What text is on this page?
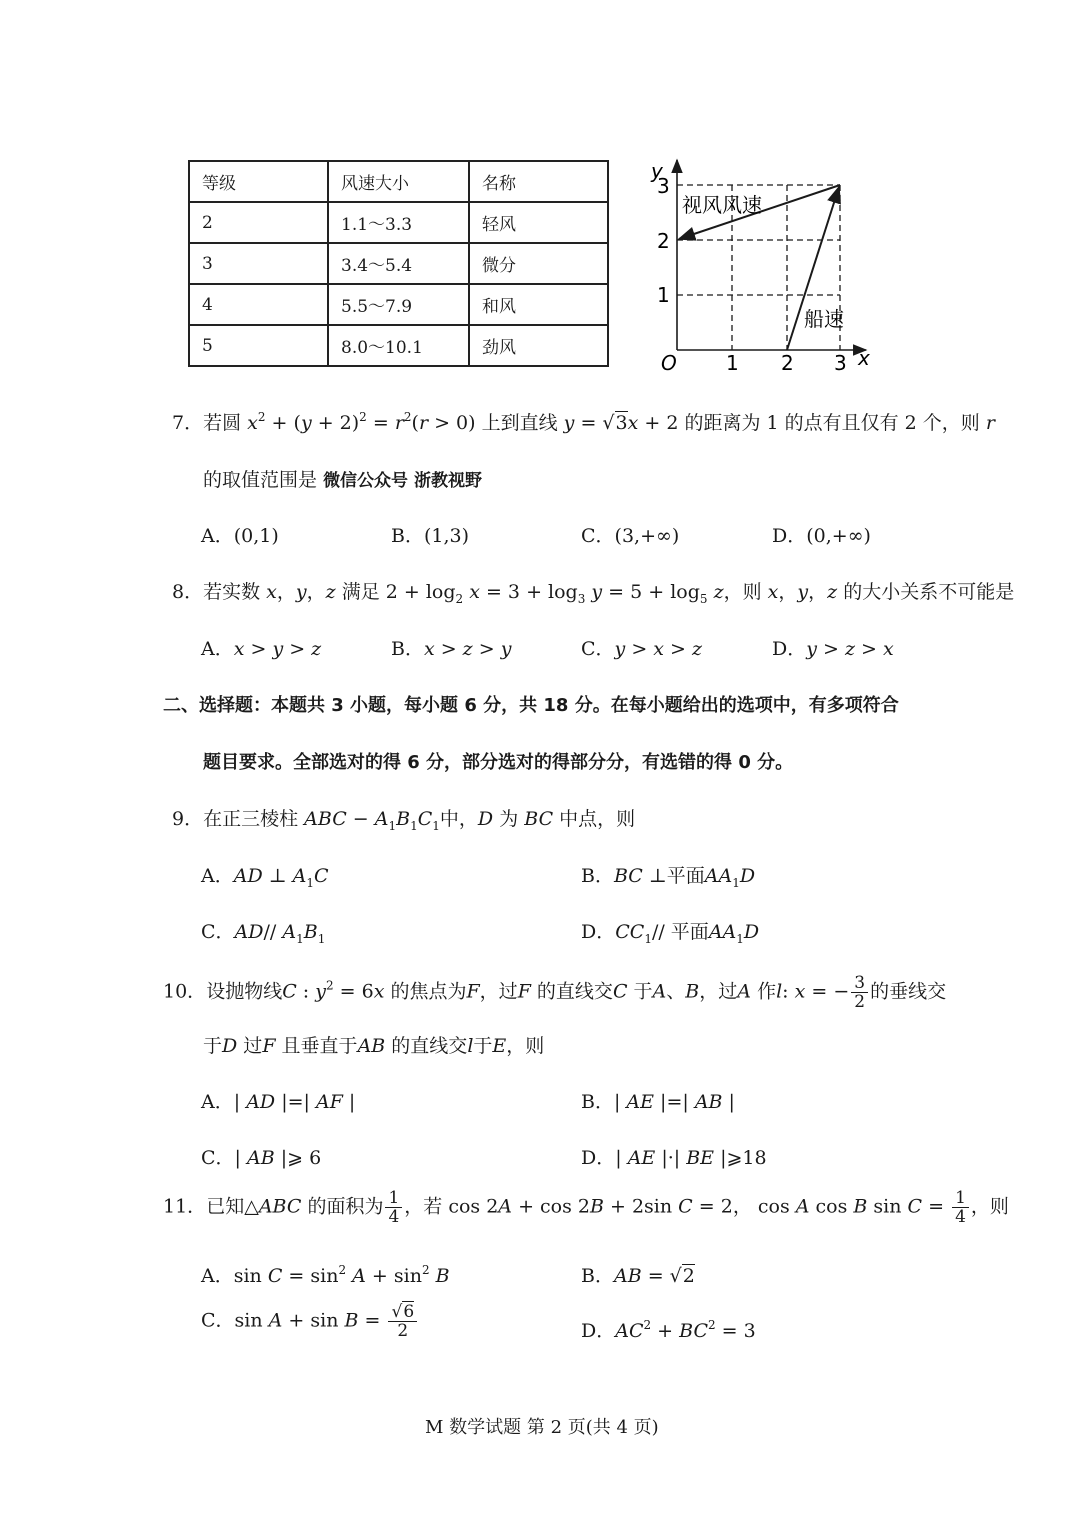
等级	风速大小	名称
2	1.1～3.3	轻风
3	3.4～5.4	微分
4	5.5～7.9	和风
5	8.0～10.1	劲风
y
x
O 1 2 3
1
2
3
视风风速
船速
7．若圆 $x^2 + (y + 2)^2 = r^2(r > 0)$ 上到直线 y = √3x + 2 的距离为 1 的点有且仅有 2 个，则 r
的取值范围是 微信公众号 浙教视野
A．(0,1)	B．(1,3)	C．(3,+∞)	D．(0,+∞)
8．若实数 x，y，z 满足 $2 + \log_2 x = 3 + \log_3 y = 5 + \log_5 z$，则 x，y，z 的大小关系不可能是
A．x > y > z	B．x > z > y	C．y > x > z	D．y > z > x
二、选择题：本题共 3 小题，每小题 6 分，共 18 分。在每小题给出的选项中，有多项符合
题目要求。全部选对的得 6 分，部分选对的得部分分，有选错的得 0 分。
9．在正三棱柱 ABC − $A_1B_1C_1$中，D 为 BC 中点，则
A．AD ⊥ $A_1C$	B．BC ⊥平面$AA_1D$
C．AD// $A_1B_1$	D．$CC_1//$ 平面$AA_1D$
10．设抛物线C : $y^2 = 6x$ 的焦点为F，过F 的直线交C 于A、B，过A 作l: x = − $\frac{3}{2}$ 的垂线交
于D 过F 且垂直于AB 的直线交l于E，则
A．| AD |=| AF |	B．| AE |=| AB |
C．| AB |⩾ 6	D．| AE |·| BE |⩾18
11．已知△ABC 的面积为 $\frac{1}{4}$ ，若 cos 2A + cos 2B + 2sin C = 2， cos A cos B $\sin C = \frac{1}{4}$ ，则
A．$\sin C = \sin^2 A + \sin^2 B$	B．AB = √2
C．$\sin A + \sin B = \frac{√6}{2}$	D．$AC^2 + BC^2 = 3$
M 数学试题 第 2 页(共 4 页)
